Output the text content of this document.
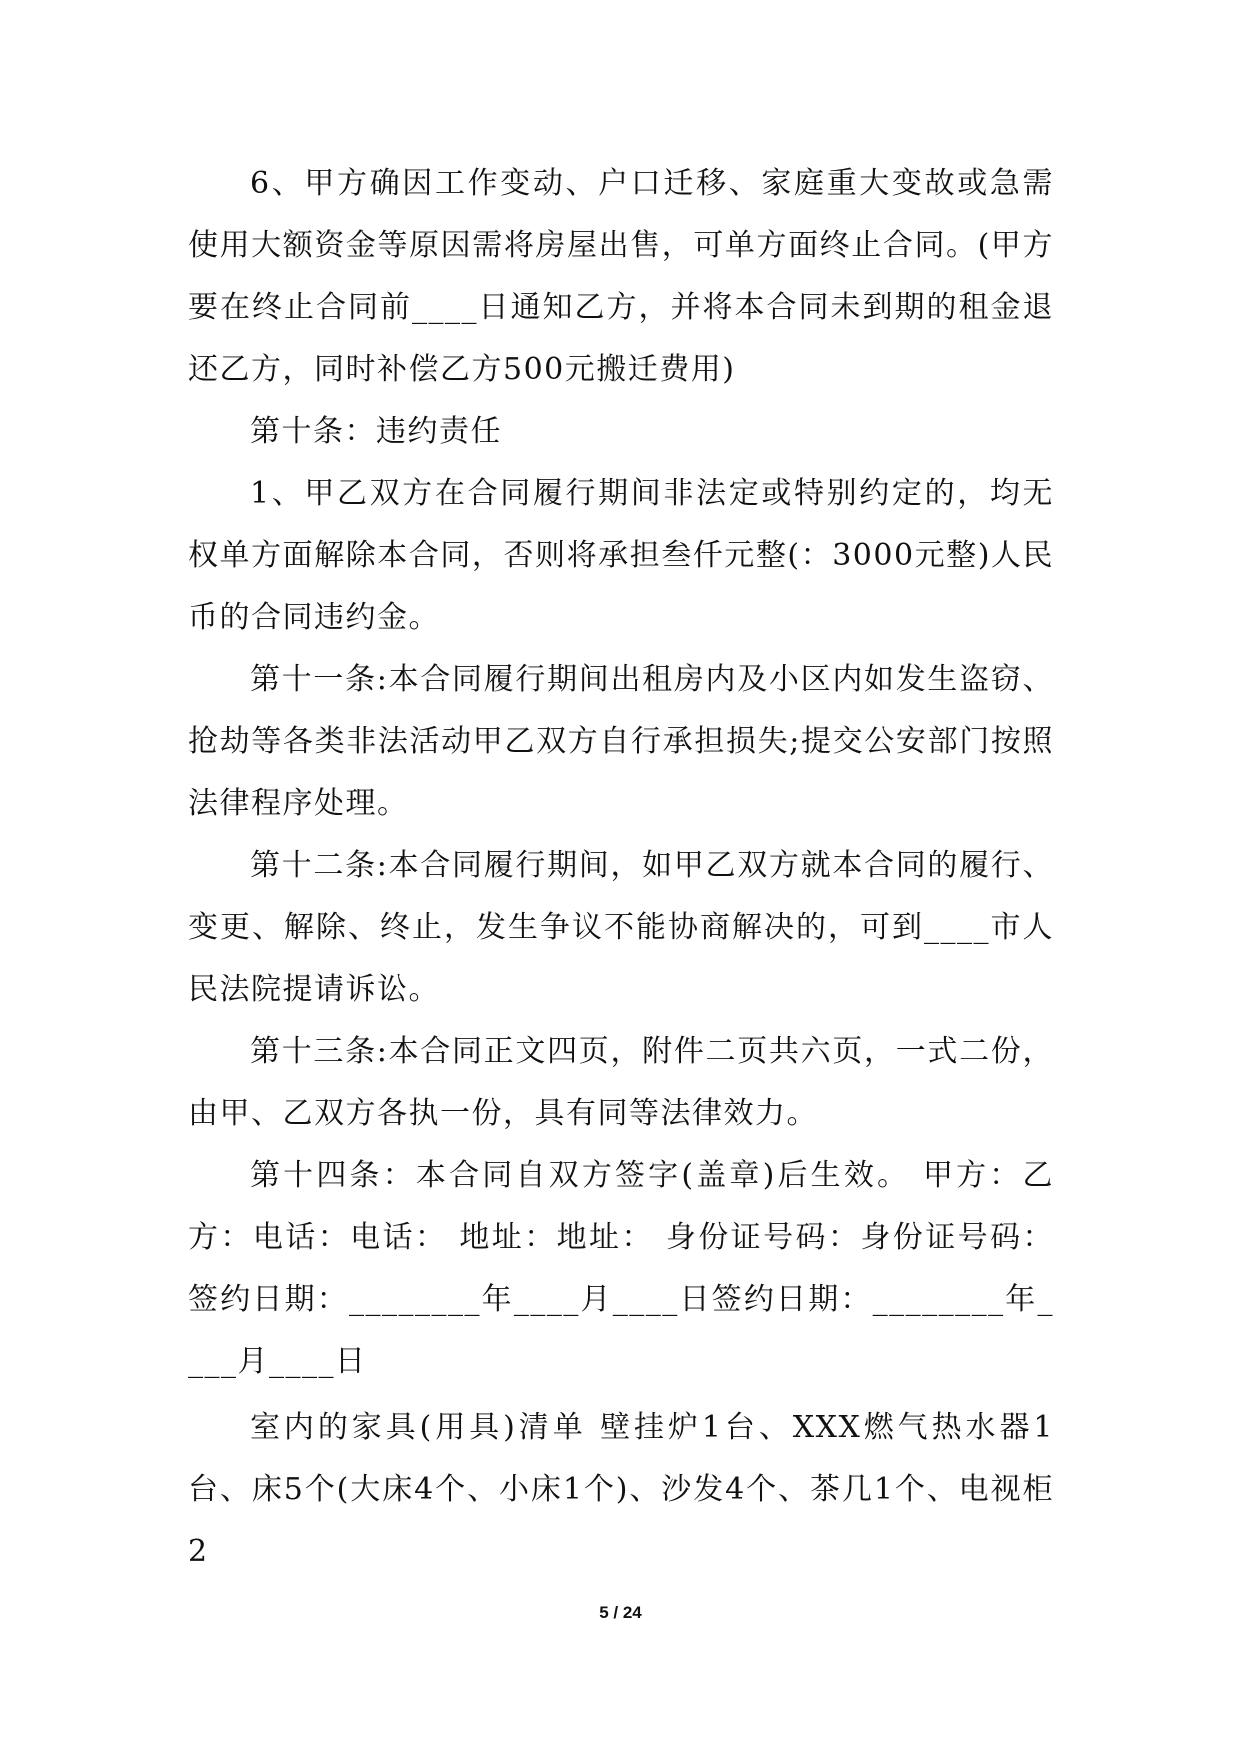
6、甲方确因工作变动、户口迁移、家庭重大变故或急需使用大额资金等原因需将房屋出售，可单方面终止合同。(甲方要在终止合同前____日通知乙方，并将本合同未到期的租金退还乙方，同时补偿乙方500元搬迁费用)

第十条：违约责任

1、甲乙双方在合同履行期间非法定或特别约定的，均无权单方面解除本合同，否则将承担叁仟元整(：3000元整)人民币的合同违约金。

第十一条:本合同履行期间出租房内及小区内如发生盗窃、抢劫等各类非法活动甲乙双方自行承担损失;提交公安部门按照法律程序处理。

第十二条:本合同履行期间，如甲乙双方就本合同的履行、变更、解除、终止，发生争议不能协商解决的，可到____市人民法院提请诉讼。

第十三条:本合同正文四页，附件二页共六页，一式二份，由甲、乙双方各执一份，具有同等法律效力。

第十四条：本合同自双方签字(盖章)后生效。 甲方：乙方：电话：电话： 地址：地址： 身份证号码：身份证号码： 签约日期：________年____月____日签约日期：________年____月____日

室内的家具(用具)清单 壁挂炉1台、XXX燃气热水器1台、床5个(大床4个、小床1个)、沙发4个、茶几1个、电视柜2

5 / 24
